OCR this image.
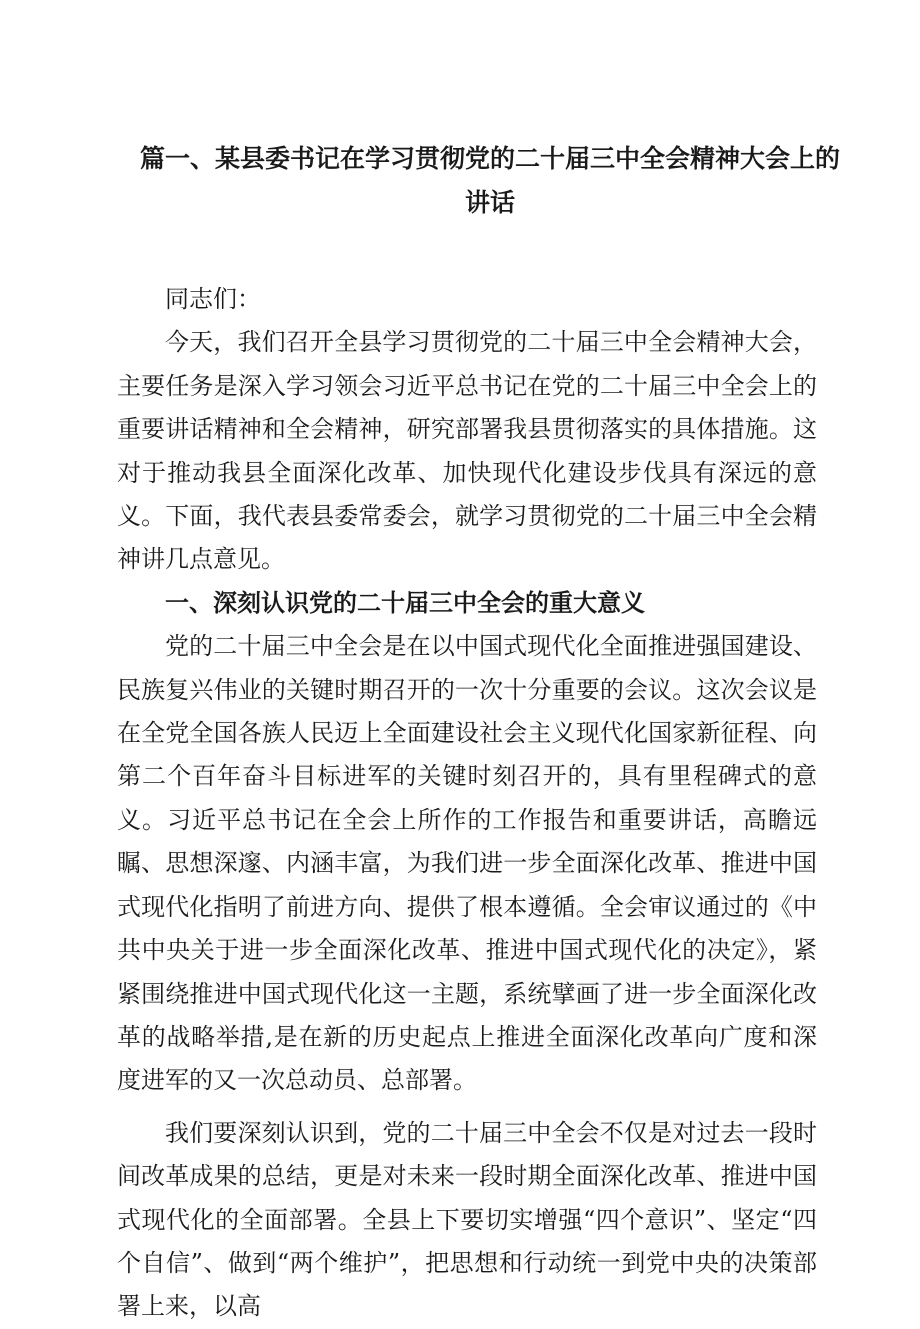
篇一、某县委书记在学习贯彻党的二十届三中全会精神大会上的
讲话

同志们：

今天，我们召开全县学习贯彻党的二十届三中全会精神大会，主要任务是深入学习领会习近平总书记在党的二十届三中全会上的重要讲话精神和全会精神，研究部署我县贯彻落实的具体措施。这对于推动我县全面深化改革、加快现代化建设步伐具有深远的意义。下面，我代表县委常委会，就学习贯彻党的二十届三中全会精神讲几点意见。

一、深刻认识党的二十届三中全会的重大意义

党的二十届三中全会是在以中国式现代化全面推进强国建设、民族复兴伟业的关键时期召开的一次十分重要的会议。这次会议是在全党全国各族人民迈上全面建设社会主义现代化国家新征程、向第二个百年奋斗目标进军的关键时刻召开的，具有里程碑式的意义。习近平总书记在全会上所作的工作报告和重要讲话，高瞻远瞩、思想深邃、内涵丰富，为我们进一步全面深化改革、推进中国式现代化指明了前进方向、提供了根本遵循。全会审议通过的《中共中央关于进一步全面深化改革、推进中国式现代化的决定》，紧紧围绕推进中国式现代化这一主题，系统擘画了进一步全面深化改革的战略举措,是在新的历史起点上推进全面深化改革向广度和深度进军的又一次总动员、总部署。

我们要深刻认识到，党的二十届三中全会不仅是对过去一段时间改革成果的总结，更是对未来一段时期全面深化改革、推进中国式现代化的全面部署。全县上下要切实增强“四个意识”、坚定“四个自信”、做到“两个维护”，把思想和行动统一到党中央的决策部署上来，以高
